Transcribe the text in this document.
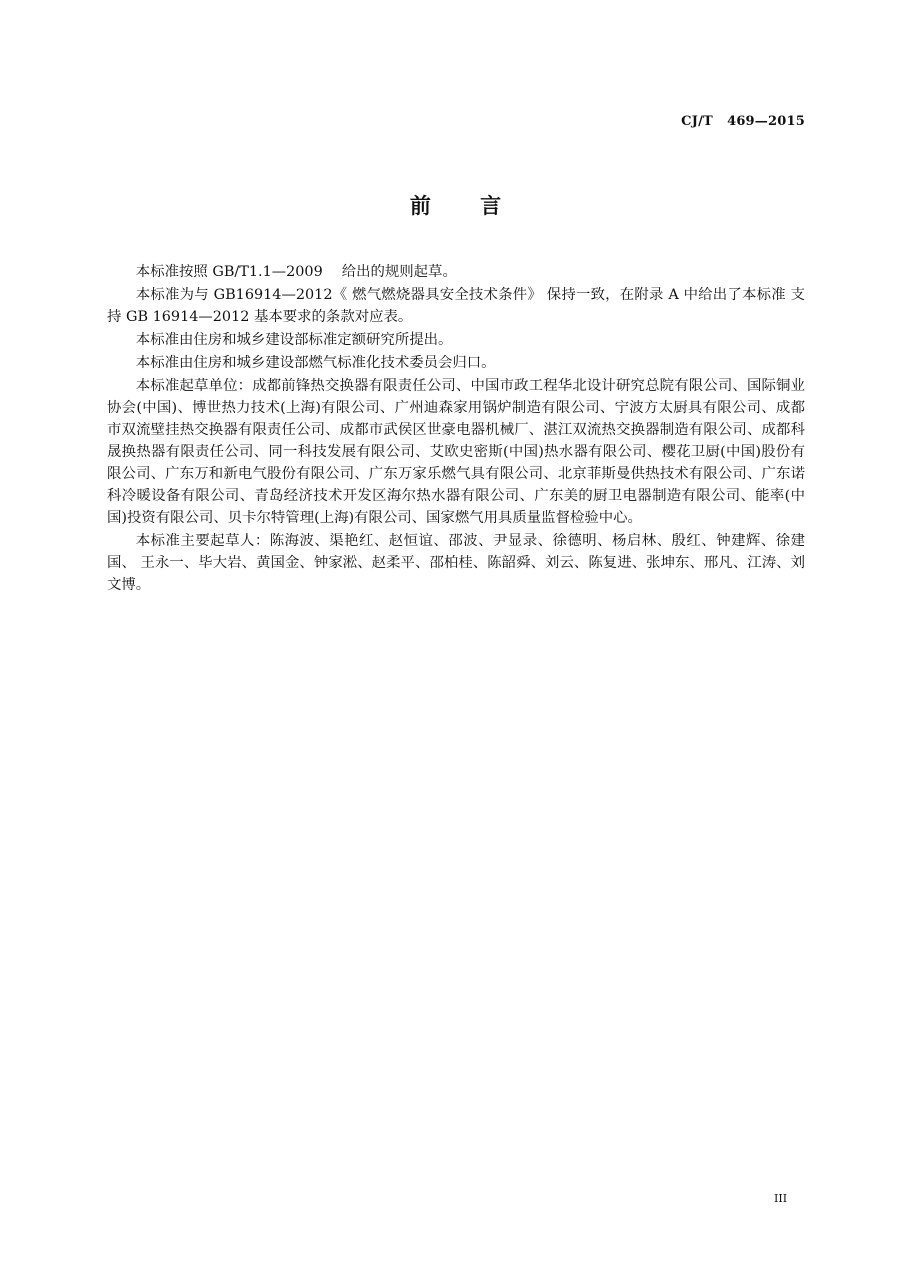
CJ/T   469—2015
前 言

本标准按照 GB/T1.1—2009　 给出的规则起草。

本标准为与 GB16914—2012《 燃气燃烧器具安全技术条件》 保持一致，在附录 A 中给出了本标准 支持 GB 16914—2012 基本要求的条款对应表。

本标准由住房和城乡建设部标准定额研究所提出。

本标准由住房和城乡建设部燃气标准化技术委员会归口。

本标准起草单位：成都前锋热交换器有限责任公司、中国市政工程华北设计研究总院有限公司、国际铜业协会(中国)、博世热力技术(上海)有限公司、广州迪森家用锅炉制造有限公司、宁波方太厨具有限公司、成都市双流壁挂热交换器有限责任公司、成都市武侯区世豪电器机械厂、湛江双流热交换器制造有限公司、成都科晟换热器有限责任公司、同一科技发展有限公司、艾欧史密斯(中国)热水器有限公司、樱花卫厨(中国)股份有限公司、广东万和新电气股份有限公司、广东万家乐燃气具有限公司、北京菲斯曼供热技术有限公司、广东诺科冷暖设备有限公司、青岛经济技术开发区海尔热水器有限公司、广东美的厨卫电器制造有限公司、能率(中国)投资有限公司、贝卡尔特管理(上海)有限公司、国家燃气用具质量监督检验中心。

本标准主要起草人：陈海波、渠艳红、赵恒谊、邵波、尹显录、徐德明、杨启林、殷红、钟建辉、徐建国、 王永一、毕大岩、黄国金、钟家淞、赵柔平、邵柏桂、陈韶舜、刘云、陈复进、张坤东、邢凡、江涛、刘文博。

III
